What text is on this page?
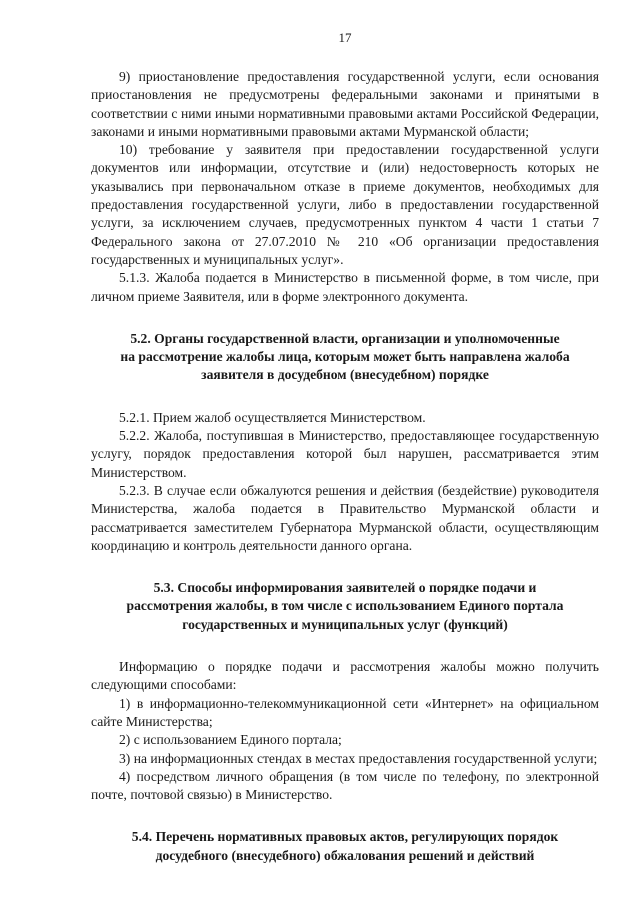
17

9) приостановление предоставления государственной услуги, если основания приостановления не предусмотрены федеральными законами и принятыми в соответствии с ними иными нормативными правовыми актами Российской Федерации, законами и иными нормативными правовыми актами Мурманской области;

10) требование у заявителя при предоставлении государственной услуги документов или информации, отсутствие и (или) недостоверность которых не указывались при первоначальном отказе в приеме документов, необходимых для предоставления государственной услуги, либо в предоставлении государственной услуги, за исключением случаев, предусмотренных пунктом 4 части 1 статьи 7 Федерального закона от 27.07.2010 № 210 «Об организации предоставления государственных и муниципальных услуг».

5.1.3. Жалоба подается в Министерство в письменной форме, в том числе, при личном приеме Заявителя, или в форме электронного документа.

5.2. Органы государственной власти, организации и уполномоченные
на рассмотрение жалобы лица, которым может быть направлена жалоба
заявителя в досудебном (внесудебном) порядке

5.2.1. Прием жалоб осуществляется Министерством.

5.2.2. Жалоба, поступившая в Министерство, предоставляющее государственную услугу, порядок предоставления которой был нарушен, рассматривается этим Министерством.

5.2.3. В случае если обжалуются решения и действия (бездействие) руководителя Министерства, жалоба подается в Правительство Мурманской области и рассматривается заместителем Губернатора Мурманской области, осуществляющим координацию и контроль деятельности данного органа.

5.3. Способы информирования заявителей о порядке подачи и
рассмотрения жалобы, в том числе с использованием Единого портала
государственных и муниципальных услуг (функций)

Информацию о порядке подачи и рассмотрения жалобы можно получить следующими способами:

1) в информационно-телекоммуникационной сети «Интернет» на официальном сайте Министерства;

2) с использованием Единого портала;

3) на информационных стендах в местах предоставления государственной услуги;

4) посредством личного обращения (в том числе по телефону, по электронной почте, почтовой связью) в Министерство.

5.4. Перечень нормативных правовых актов, регулирующих порядок
досудебного (внесудебного) обжалования решений и действий
